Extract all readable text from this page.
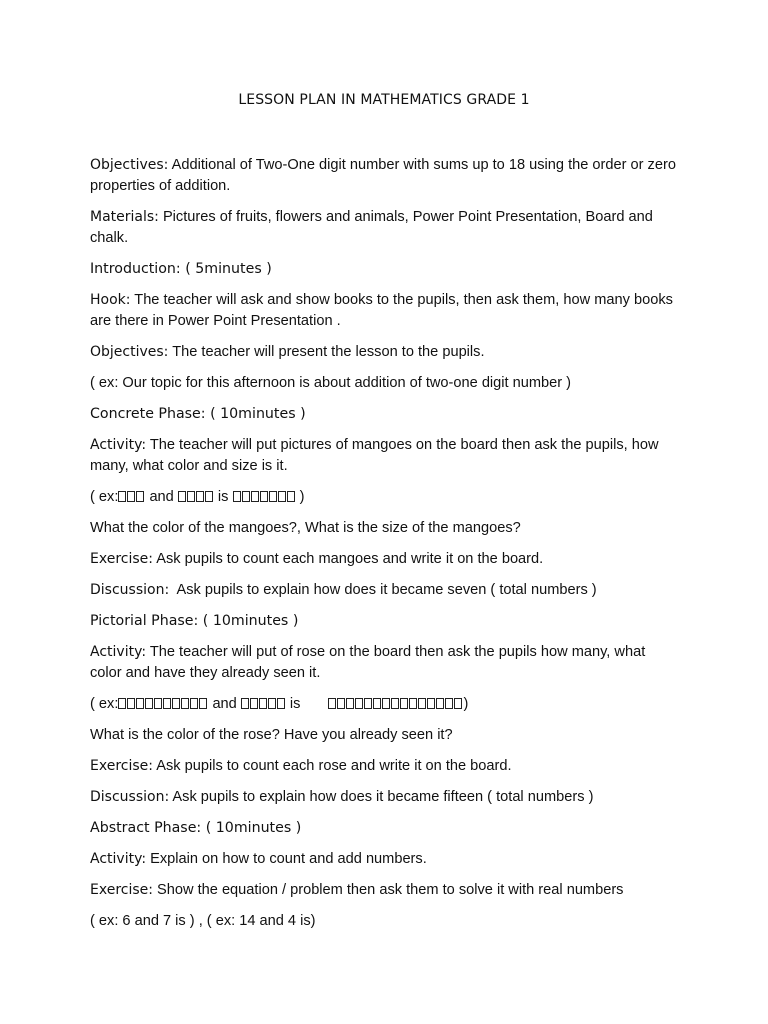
LESSON PLAN IN MATHEMATICS GRADE 1

Objectives: Additional of Two-One digit number with sums up to 18 using the order or zero properties of addition.

Materials: Pictures of fruits, flowers and animals, Power Point Presentation, Board and chalk.

Introduction: ( 5minutes )

Hook: The teacher will ask and show books to the pupils, then ask them, how many books are there in Power Point Presentation .

Objectives: The teacher will present the lesson to the pupils.

( ex: Our topic for this afternoon is about addition of two-one digit number )

Concrete Phase: ( 10minutes )

Activity: The teacher will put pictures of mangoes on the board then ask the pupils, how many, what color and size is it.

( ex: and  is	)

What the color of the mangoes?, What is the size of the mangoes?

Exercise: Ask pupils to count each mangoes and write it on the board.

Discussion:  Ask pupils to explain how does it became seven ( total numbers )

Pictorial Phase: ( 10minutes )

Activity: The teacher will put of rose on the board then ask the pupils how many, what color and have they already seen it.

( ex:	and	is	)

What is the color of the rose? Have you already seen it?

Exercise: Ask pupils to count each rose and write it on the board.

Discussion: Ask pupils to explain how does it became fifteen ( total numbers )

Abstract Phase: ( 10minutes )

Activity: Explain on how to count and add numbers.

Exercise: Show the equation / problem then ask them to solve it with real numbers

( ex: 6 and 7 is ) , ( ex: 14 and 4 is)
